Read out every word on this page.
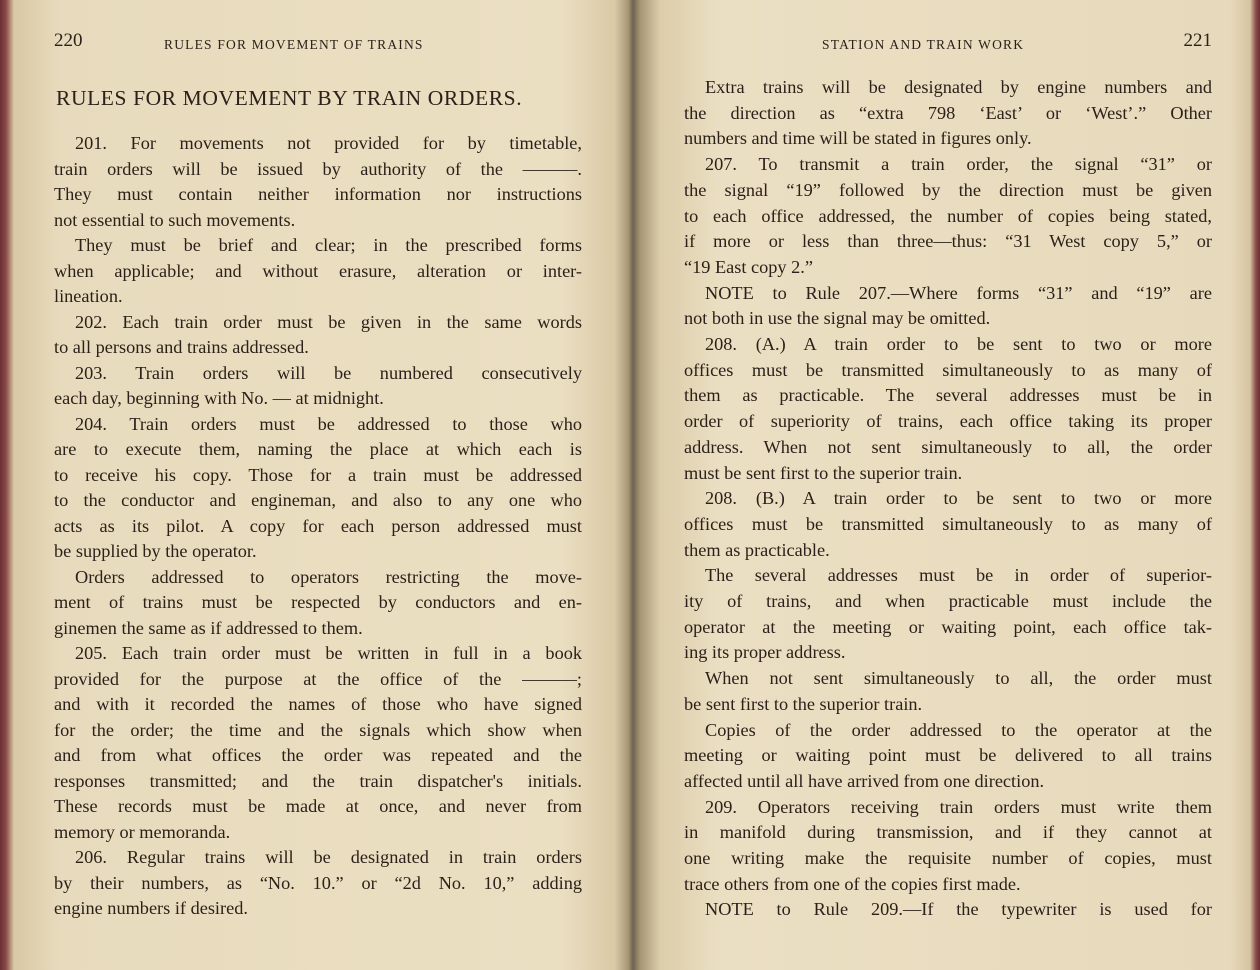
220	RULES FOR MOVEMENT OF TRAINS
RULES FOR MOVEMENT BY TRAIN ORDERS.
201. For movements not provided for by timetable,
train orders will be issued by authority of the ———.
They must contain neither information nor instructions
not essential to such movements.
They must be brief and clear; in the prescribed forms
when applicable; and without erasure, alteration or inter-
lineation.
202. Each train order must be given in the same words
to all persons and trains addressed.
203. Train orders will be numbered consecutively
each day, beginning with No. — at midnight.
204. Train orders must be addressed to those who
are to execute them, naming the place at which each is
to receive his copy. Those for a train must be addressed
to the conductor and engineman, and also to any one who
acts as its pilot. A copy for each person addressed must
be supplied by the operator.
Orders addressed to operators restricting the move-
ment of trains must be respected by conductors and en-
ginemen the same as if addressed to them.
205. Each train order must be written in full in a book
provided for the purpose at the office of the ———;
and with it recorded the names of those who have signed
for the order; the time and the signals which show when
and from what offices the order was repeated and the
responses transmitted; and the train dispatcher's initials.
These records must be made at once, and never from
memory or memoranda.
206. Regular trains will be designated in train orders
by their numbers, as “No. 10.” or “2d No. 10,” adding
engine numbers if desired.
STATION AND TRAIN WORK	221
Extra trains will be designated by engine numbers and
the direction as “extra 798 ‘East’ or ‘West’.” Other
numbers and time will be stated in figures only.
207. To transmit a train order, the signal “31” or
the signal “19” followed by the direction must be given
to each office addressed, the number of copies being stated,
if more or less than three—thus: “31 West copy 5,” or
“19 East copy 2.”
NOTE to Rule 207.—Where forms “31” and “19” are
not both in use the signal may be omitted.
208. (A.) A train order to be sent to two or more
offices must be transmitted simultaneously to as many of
them as practicable. The several addresses must be in
order of superiority of trains, each office taking its proper
address. When not sent simultaneously to all, the order
must be sent first to the superior train.
208. (B.) A train order to be sent to two or more
offices must be transmitted simultaneously to as many of
them as practicable.
The several addresses must be in order of superior-
ity of trains, and when practicable must include the
operator at the meeting or waiting point, each office tak-
ing its proper address.
When not sent simultaneously to all, the order must
be sent first to the superior train.
Copies of the order addressed to the operator at the
meeting or waiting point must be delivered to all trains
affected until all have arrived from one direction.
209. Operators receiving train orders must write them
in manifold during transmission, and if they cannot at
one writing make the requisite number of copies, must
trace others from one of the copies first made.
NOTE to Rule 209.—If the typewriter is used for
